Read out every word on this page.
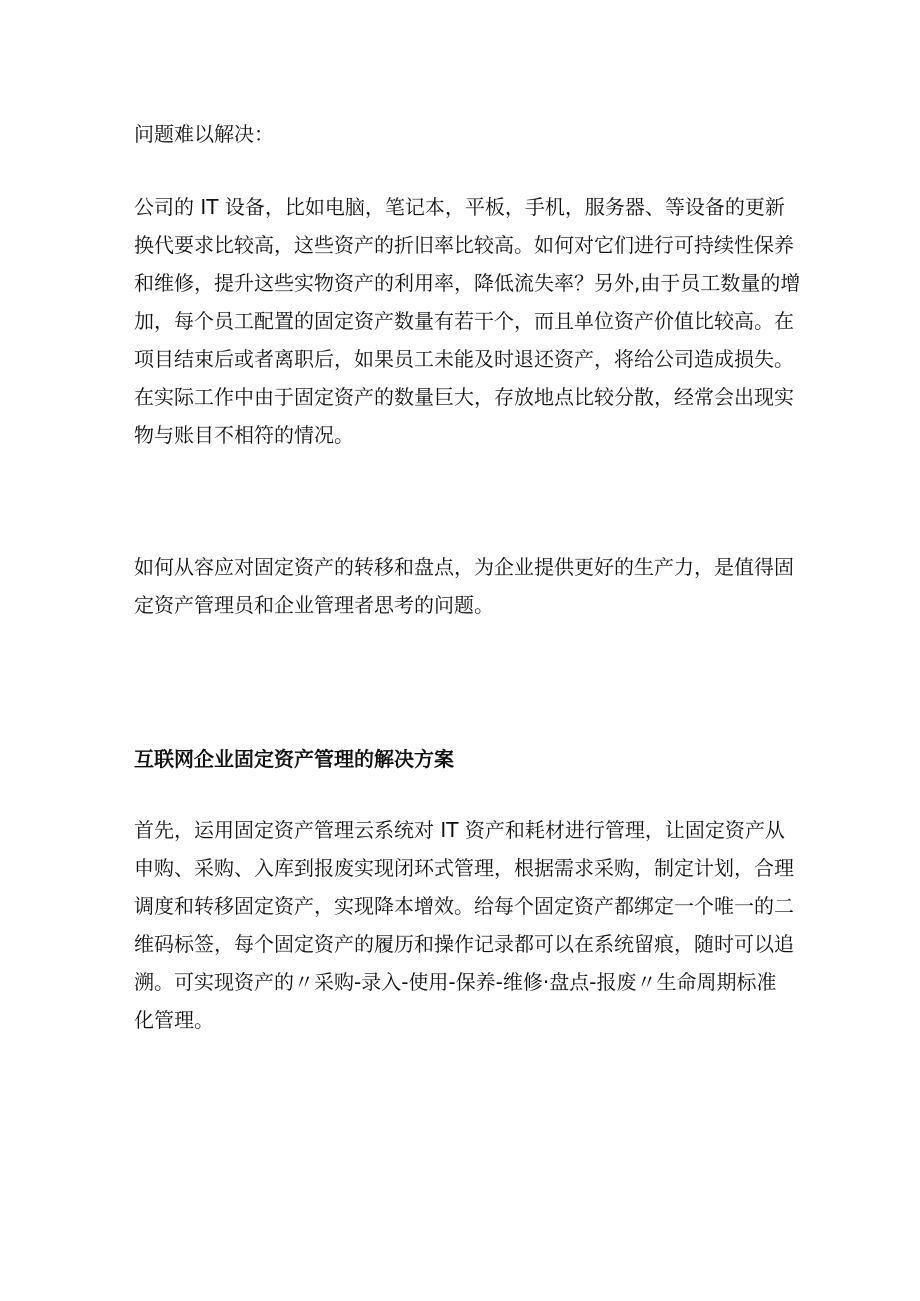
问题难以解决：

公司的 IT 设备，比如电脑，笔记本，平板，手机，服务器、等设备的更新
换代要求比较高，这些资产的折旧率比较高。如何对它们进行可持续性保养
和维修，提升这些实物资产的利用率，降低流失率？另外,由于员工数量的增
加，每个员工配置的固定资产数量有若干个，而且单位资产价值比较高。在
项目结束后或者离职后，如果员工未能及时退还资产，将给公司造成损失。
在实际工作中由于固定资产的数量巨大，存放地点比较分散，经常会出现实
物与账目不相符的情况。

如何从容应对固定资产的转移和盘点，为企业提供更好的生产力，是值得固
定资产管理员和企业管理者思考的问题。

互联网企业固定资产管理的解决方案

首先，运用固定资产管理云系统对 IT 资产和耗材进行管理，让固定资产从
申购、采购、入库到报废实现闭环式管理，根据需求采购，制定计划，合理
调度和转移固定资产，实现降本增效。给每个固定资产都绑定一个唯一的二
维码标签，每个固定资产的履历和操作记录都可以在系统留痕，随时可以追
溯。可实现资产的〃采购-录入-使用-保养-维修·盘点-报废〃生命周期标准
化管理。
